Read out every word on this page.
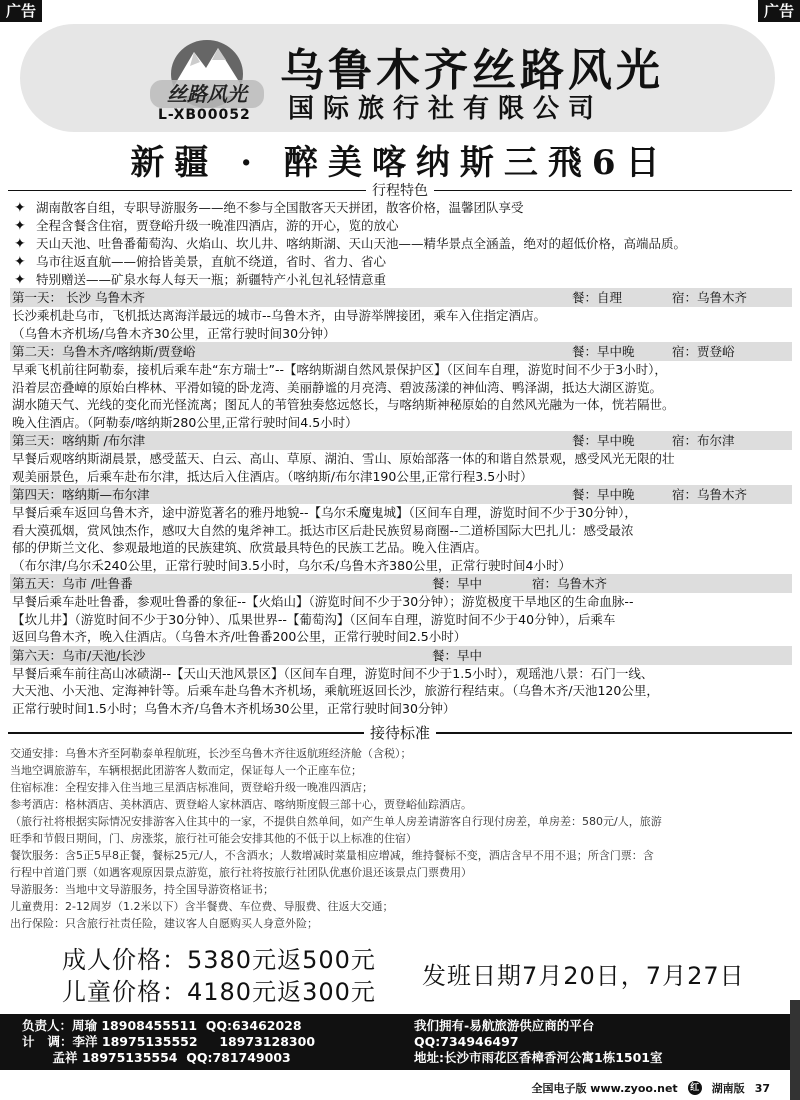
广告	广告
丝路风光
L-XB00052
乌鲁木齐丝路风光
国际旅行社有限公司
新疆 · 醉美喀纳斯三飛6日
行程特色
✦ 湖南散客自组，专职导游服务——绝不参与全国散客天天拼团，散客价格，温馨团队享受
✦ 全程含餐含住宿，贾登峪升级一晚准四酒店，游的开心，览的放心
✦ 天山天池、吐鲁番葡萄沟、火焰山、坎儿井、喀纳斯湖、天山天池——精华景点全涵盖，绝对的超低价格，高端品质。
✦ 乌市往返直航——俯拾皆美景，直航不绕道，省时、省力、省心
✦ 特别赠送——矿泉水每人每天一瓶；新疆特产小礼包礼轻情意重
第一天： 长沙 乌鲁木齐	餐：自理	宿：乌鲁木齐
长沙乘机赴乌市，飞机抵达离海洋最远的城市--乌鲁木齐，由导游举牌接团，乘车入住指定酒店。
（乌鲁木齐机场/乌鲁木齐30公里，正常行驶时间30分钟）
第二天：乌鲁木齐/喀纳斯/贾登峪	餐：早中晚	宿：贾登峪
早乘飞机前往阿勒泰，接机后乘车赴“东方瑞士”--【喀纳斯湖自然风景保护区】（区间车自理，游览时间不少于3小时），
沿着层峦叠嶂的原始白桦林、平滑如镜的卧龙湾、美丽静谧的月亮湾、碧波荡漾的神仙湾、鸭泽湖，抵达大湖区游览。
湖水随天气、光线的变化而光怪流离；图瓦人的苇管独奏悠远悠长，与喀纳斯神秘原始的自然风光融为一体，恍若隔世。
晚入住酒店。（阿勒泰/喀纳斯280公里,正常行驶时间4.5小时）
第三天：喀纳斯 /布尔津	餐：早中晚	宿：布尔津
早餐后观喀纳斯湖晨景，感受蓝天、白云、高山、草原、湖泊、雪山、原始部落一体的和谐自然景观，感受风光无限的壮
观美丽景色，后乘车赴布尔津，抵达后入住酒店。（喀纳斯/布尔津190公里,正常行程3.5小时）
第四天：喀纳斯—布尔津	餐：早中晚	宿：乌鲁木齐
早餐后乘车返回乌鲁木齐，途中游览著名的雅丹地貌--【乌尔禾魔鬼城】（区间车自理，游览时间不少于30分钟），
看大漠孤烟，赏风蚀杰作，感叹大自然的鬼斧神工。抵达市区后赴民族贸易商圈--二道桥国际大巴扎儿：感受最浓
郁的伊斯兰文化、参观最地道的民族建筑、欣赏最具特色的民族工艺品。晚入住酒店。
（布尔津/乌尔禾240公里，正常行驶时间3.5小时，乌尔禾/乌鲁木齐380公里，正常行驶时间4小时）
第五天：乌市 /吐鲁番	餐：早中	宿：乌鲁木齐
早餐后乘车赴吐鲁番，参观吐鲁番的象征--【火焰山】（游览时间不少于30分钟）；游览极度干旱地区的生命血脉--
【坎儿井】（游览时间不少于30分钟）、瓜果世界--【葡萄沟】（区间车自理，游览时间不少于40分钟），后乘车
返回乌鲁木齐，晚入住酒店。（乌鲁木齐/吐鲁番200公里，正常行驶时间2.5小时）
第六天：乌市/天池/长沙	餐：早中
早餐后乘车前往高山冰碛湖--【天山天池风景区】（区间车自理，游览时间不少于1.5小时），观瑶池八景：石门一线、
大天池、小天池、定海神针等。后乘车赴乌鲁木齐机场，乘航班返回长沙，旅游行程结束。（乌鲁木齐/天池120公里，
正常行驶时间1.5小时；乌鲁木齐/乌鲁木齐机场30公里，正常行驶时间30分钟）
接待标准

交通安排：乌鲁木齐至阿勒泰单程航班，长沙至乌鲁木齐往返航班经济舱（含税）；

当地空调旅游车，车辆根据此团游客人数而定，保证每人一个正座车位；

住宿标准：全程安排入住当地三星酒店标准间，贾登峪升级一晚准四酒店；

参考酒店：格林酒店、美林酒店、贾登峪人家林酒店、喀纳斯度假三部十心，贾登峪仙踪酒店。

（旅行社将根据实际情况安排游客入住其中的一家，不提供自然单间，如产生单人房差请游客自行现付房差，单房差：580元/人，旅游

旺季和节假日期间，门、房涨浆，旅行社可能会安排其他的不低于以上标准的住宿）

餐饮服务：含5正5早8正餐，餐标25元/人，不含酒水；人数增减时菜量相应增减，维持餐标不变，酒店含早不用不退；所含门票：含

行程中首道门票（如遇客观原因景点游览，旅行社将按旅行社团队优惠价退还该景点门票费用）

导游服务：当地中文导游服务，持全国导游资格证书；

儿童费用：2-12周岁（1.2米以下）含半餐费、车位费、导服费、往返大交通；

出行保险：只含旅行社责任险，建议客人自愿购买人身意外险；

成人价格：5380元返500元
儿童价格：4180元返300元
发班日期7月20日，7月27日
负责人：周瑜 18908455511  QQ:63462028
计   调：李洋 18975135552     18973128300
孟祥 18975135554  QQ:781749003
我们拥有-易航旅游供应商的平台
QQ:734946497
地址:长沙市雨花区香樟香河公寓1栋1501室
全国电子版 www.zyoo.net 红 湖南版 37
